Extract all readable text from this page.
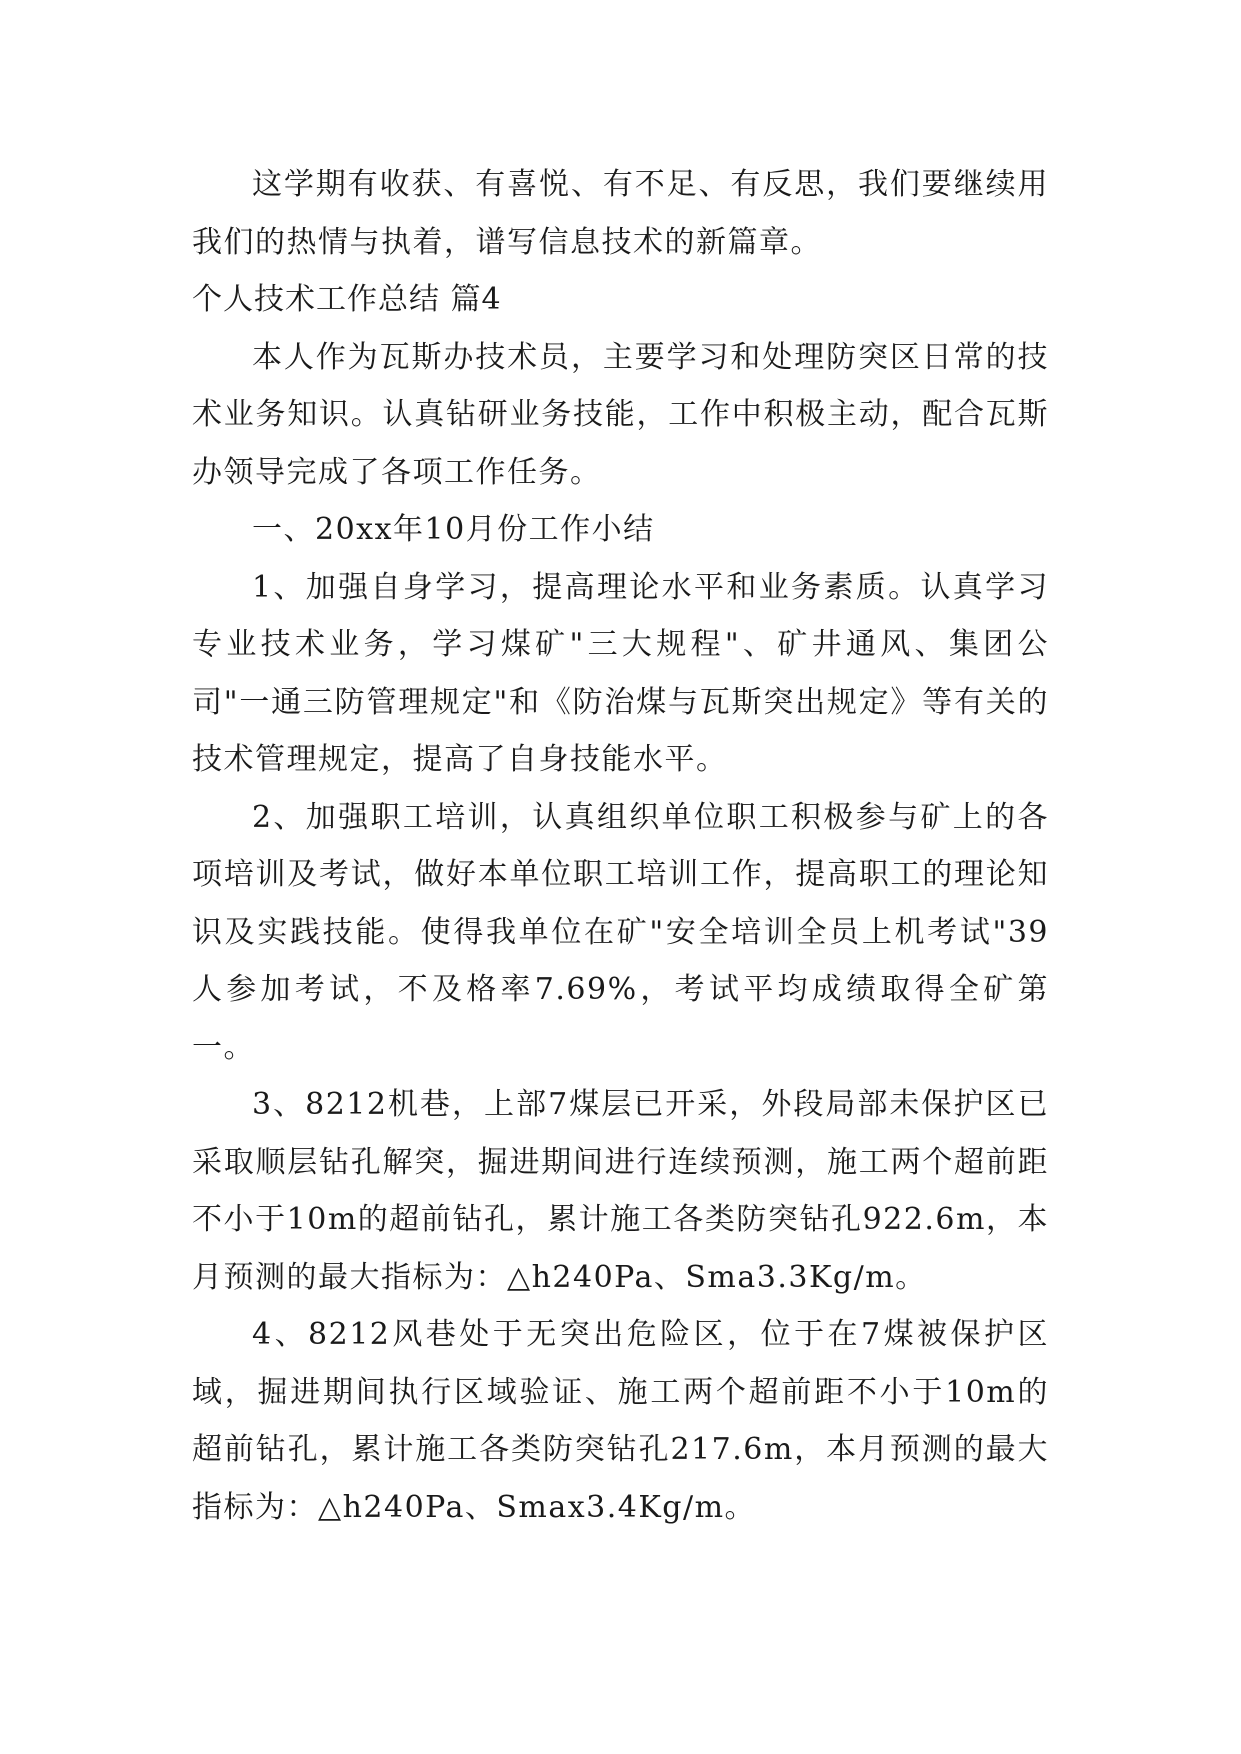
这学期有收获、有喜悦、有不足、有反思，我们要继续用我们的热情与执着，谱写信息技术的新篇章。

个人技术工作总结 篇4

本人作为瓦斯办技术员，主要学习和处理防突区日常的技术业务知识。认真钻研业务技能，工作中积极主动，配合瓦斯办领导完成了各项工作任务。

一、20xx年10月份工作小结

1、加强自身学习，提高理论水平和业务素质。认真学习专业技术业务，学习煤矿"三大规程"、矿井通风、集团公司"一通三防管理规定"和《防治煤与瓦斯突出规定》等有关的技术管理规定，提高了自身技能水平。

2、加强职工培训，认真组织单位职工积极参与矿上的各项培训及考试，做好本单位职工培训工作，提高职工的理论知识及实践技能。使得我单位在矿"安全培训全员上机考试"39人参加考试，不及格率7.69%，考试平均成绩取得全矿第一。

3、8212机巷，上部7煤层已开采，外段局部未保护区已采取顺层钻孔解突，掘进期间进行连续预测，施工两个超前距不小于10m的超前钻孔，累计施工各类防突钻孔922.6m，本月预测的最大指标为：△h240Pa、Sma3.3Kg/m。

4、8212风巷处于无突出危险区，位于在7煤被保护区域，掘进期间执行区域验证、施工两个超前距不小于10m的超前钻孔，累计施工各类防突钻孔217.6m，本月预测的最大指标为：△h240Pa、Smax3.4Kg/m。
